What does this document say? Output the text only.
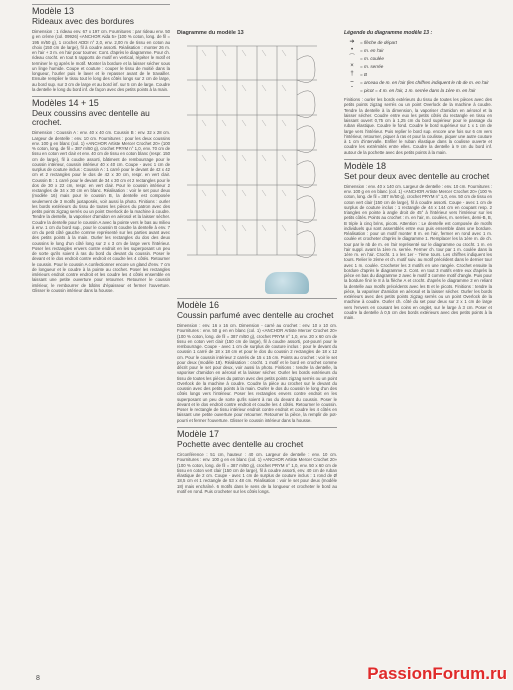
Modèle 13

Rideaux avec des bordures

Dimension : 1 rideau env. 67 x 197 cm. Fournitures : par rideau env. 50 g en crème (col. 09926) «ANCHOR Aida 5» (100 % coton, long. de fil = 195 m/50 g), 1 crochet ADDI n° 2,0, env. 2,00 m de tissu en coton au choix (150 cm de large), fil à coudre assorti. Réalisation : monter 26 m. en l'air + 3 m. en l'air pour tourner. Cont. d'après le diagramme. Pour ch. rideau crocht. en tout 5 rapports de motif en vertical, répéter le motif et terminer le rg après le motif. Monter la bordure et la laisser sécher sous un linge humide. Coupe et couture : couper le tissu de moitié dans la longueur, l'ourler puis le laver et le repasser avant de le travailler. Ensuite remplier le tissu tout le long des côtés longs sur 2 cm de large, au bord sup. sur 3 cm de large et au bord inf. sur 5 cm de large. Coudre la dentelle le long du bord inf. de façon avec des petits points à la main.

Modèles 14 + 15

Deux coussins avec dentelle au crochet.

Dimension : Coussin A : env. 40 x 40 cm. Coussin B : env. 32 x 28 cm. Largeur de dentelle : env. 10 cm. Fournitures : pour les deux coussins env. 100 g en blanc (col. 1) «ANCHOR Artiste Mercer Crochet 20» (100 % coton, long. de fil = 387 m/50 g), crochet PRYM n° 1,0, env. 70 cm de tissu en coton vert clair et env. 40 cm de tissu en coton blanc (respr. 150 cm de large), fil à coudre assorti, bâtiment de rembourrage pour le coussin intérieur, coussin intérieur 40 x 40 cm. Coupe - avec 1 cm de surplus de couture inclus : Coussin A : 1 carré pour le devant de 42 x 42 cm et 2 rectangles pour le dos de 42 x 30 cm, respr. en vert clair. Coussin B : 1 carré pour le devant de 34 x 30 cm et 2 rectangles pour le dos de 30 x 22 cm, respr. en vert clair. Pour le coussin intérieur 2 rectangles de 34 x 30 cm en blanc. Réalisation : voir le set pour deux (modèle 16) mais pour le coussin B, la dentelle est composée seulement de 3 motifs juxtaposés, voir aussi la photo. Finitions : ourler les bords extérieurs du tissu de toutes les pièces du patron avec des petits points zigzag serrés ou un point Overlock de la machine à coudre. Tendre la dentelle, la vaporiser d'amidon en aérosol et la laisser sécher. Coudre la dentelle pour le coussin A avec la pointe vers le bas au milieu à env. 1 cm du bord sup., pour le coussin B coudre la dentelle à env. 7 cm du petit côté gauche comme représenté sur les parties avant avec des petits points à la main. Ourler les rectangles du dos des deux coussins le long d'un côté long sur 2 x 3 cm de large vers l'intérieur. Poser les rectangles envers contre endroit en les superposant un peu de sorte qu'ils soient à ras du bord du devant du coussin. Poser le devant et le dos endroit contre endroit et coudre les 4 côtés. Retourner le coussin. Pour le coussin A confectionner encore un gland d'env. 7 cm de longueur et le coudre à la pointe au crochet. Poser les rectangles intérieurs endroit contre endroit et les coudre les 4 côtés ensemble en laissant une petite ouverture pour retourner. Retourner le coussin intérieur, le rembourrer de bâtins d'épaisseur et fermer l'ouverture. Glisser le coussin intérieur dans la housse.

Diagramme du modèle 13

Modèle 16

Coussin parfumé avec dentelle au crochet

Dimension : env. 16 x 16 cm. Dimension - carré au crochet : env. 10 x 10 cm. Fournitures : env. 50 g en en blanc (col. 1) «ANCHOR Artiste Mercer Crochet 20» (100 % coton, long. de fil = 387 m/50 g), crochet PRYM n° 1,0, env. 20 x 60 cm de tissu en coton vert clair (150 cm de large), fil à coudre assorti, pot-pourri pour le rembourrage. Coupe - avec 1 cm de surplus de couture inclus : pour le devant du coussin 1 carré de 18 x 18 cm et pour le dos du coussin 2 rectangles de 18 x 12 cm. Pour le coussin intérieur 2 carrés de 15 x 15 cm. Points au crochet : voir le set pour deux (modèle 18). Réalisation : crocht. 1 motif et le bord en crochet comme décrit pour le set pour deux, voir aussi la photo. Finitions : tendre la dentelle, la vaporiser d'amidon en aérosol et la laisser sécher. Ourler les bords extérieurs du tissu de toutes les pièces du patron avec des petits points zigzag serrés ou un point Overlock de la machine à coudre. Coudre la pièce au crochet sur le devant du coussin avec des petits points à la main. Ourler le dos du coussin le long d'un des côtés longs vers l'intérieur. Poser les rectangles envers contre endroit en les superposant un peu de sorte qu'ils soient à ras du devant du coussin. Poser le devant et le dos endroit contre endroit et coudre les 4 côtés. Retourner le coussin. Poser le rectangle de tissu intérieur endroit contre endroit et coudre les 4 côtés en laissant une petite ouverture pour retourner. Retourner la pièce, la remplir de pot-pourri et fermer l'ouverture. Glisser le coussin intérieur dans la housse.

Modèle 17

Pochette avec dentelle au crochet

Circonférence : 51 cm, hauteur : 40 cm. Largeur de dentelle : env. 10 cm. Fournitures : env. 100 g en en blanc (col. 1) «ANCHOR Artiste Mercer Crochet 20» (100 % coton, long. de fil = 387 m/50 g), crochet PRYM n° 1,0, env. 50 x 60 cm de tissu en coton vert clair (150 cm de large), fil à coudre assorti, env. 40 cm de ruban élastique de 2 cm. Coupe - avec 1 cm de surplus de couture inclus : 1 rond de Ø 18,5 cm et 1 rectangle de 53 x 48 cm. Réalisation : voir le set pour deux (modèle 18) mais enchaîné. 6 motifs dans le sens de la longueur et crocheter le bord au motif en rond. Puis crocheter sur les côtés longs.

Légende du diagramme modèle 13 :

➔	= flèche de départ
•	= m. en l'air
⌒	= m. coulée
×	= m. serrée
†	= B
⌣	= arceau de m. en l'air (les chiffres indiquent le nb de m. en l'air
ˆ	= picot = 4 m. en l'air, 1 m. serrée dans la 1ère m. en l'air

Finitions : ourler les bords extérieurs du tissu de toutes les pièces avec des petits points zigzag serrés ou un point Overlock de la machine à coudre. Tendre la dentelle à la dimension, la vaporiser d'amidon en aérosol et la laisser sécher. Coudre entre eux les petits côtés du rectangle en tissu en laissant ouvert 0,75 cm à 1,25 cm du bord supérieur pour le passage du ruban élastique. Coudre le fond. Coudre le bord supérieur sur 1 x 1 cm de large vers l'intérieur. Puis replier le bord sup. encore une fois sur 6 cm vers l'intérieur, retourner, piquer à ras et pour la coulisse, piquer une autre couture à 1 cm d'intervalle. Enfiler le ruban élastique dans la coulisse ouverte et coudre les extrémités entre elles. Coudre la dentelle à 9 cm du bord inf. autour de la pochette avec des petits points à la main.

Modèle 18

Set pour deux avec dentelle au crochet

Dimension : env. 40 x 140 cm. Largeur de dentelle : env. 10 cm. Fournitures : env. 100 g en en blanc (col. 1) «ANCHOR Artiste Mercer Crochet 20» (100 % coton, long. de fil = 387 m/50 g), crochet PRYM n° 1,0, env. 50 cm de tissu en coton vert clair (150 cm de large), fil à coudre assorti. Coupe - avec 1 cm de surplus de couture inclus : 1 rectangle de 44 x 144 cm en coupant resp. 2 triangles en pointe à angle droit de 45° à l'intérieur vers l'intérieur sur les petits côtés. Points au crochet : m. en l'air, m. coulées, m. serrées, demi-B, B, B triple à cinq brins, picots. Attention : Le dentelle est composée de motifs individuels qui sont assemblés entre eux puis ensemble dans une bordure. Réalisation : pour un motif monter 8 m. en l'air, fermer en rond avec 1 m. coulée et crocheter d'après le diagramme 1. Remplacer les la 1ère m. de ch. tour par le nb de m. en l'air représenté sur le diagramme ou crocht. 1 m. en l'air suppl. avant la 1ère m. serrée. Fermer ch. tour par 1 m. coulée dans la 1ère m. en l'air. Crocht. 1 x les 1er - 7ème tours. Les chiffres indiquent les tours. Relier le 2ème et ch. motif suiv. au motif précédent dans le dernier tour avec 1 m. coulée. Crocheter les 3 motifs en une rangée. Crochet ensuite la bordure d'après le diagramme 2. Cont. en tout 3 motifs entre eux d'après la pièce en bas du diagramme 2 avec le motif 3 comme motif d'angle. Puis pour la bordure finir le 8 à la flèche A et crocht. d'après le diagramme 2 en reliant la dentelle aux motifs précédents avec les B et le picots. Finitions : tendre la pièce, la vaporiser d'amidon en aérosol et la laisser sécher. Ourler les bords extérieurs avec des petits points zigzag serrés ou un point Overlock de la machine à coudre. Ourler ch. côté du set pour deux sur 2 x 1 cm de large vers l'envers en cousant les coins en onglet, sur le large à 3 cm. Poser et coudre la dentelle à 0,5 cm des bords extérieurs avec des petits points à la main.

8	PassionForum.ru
